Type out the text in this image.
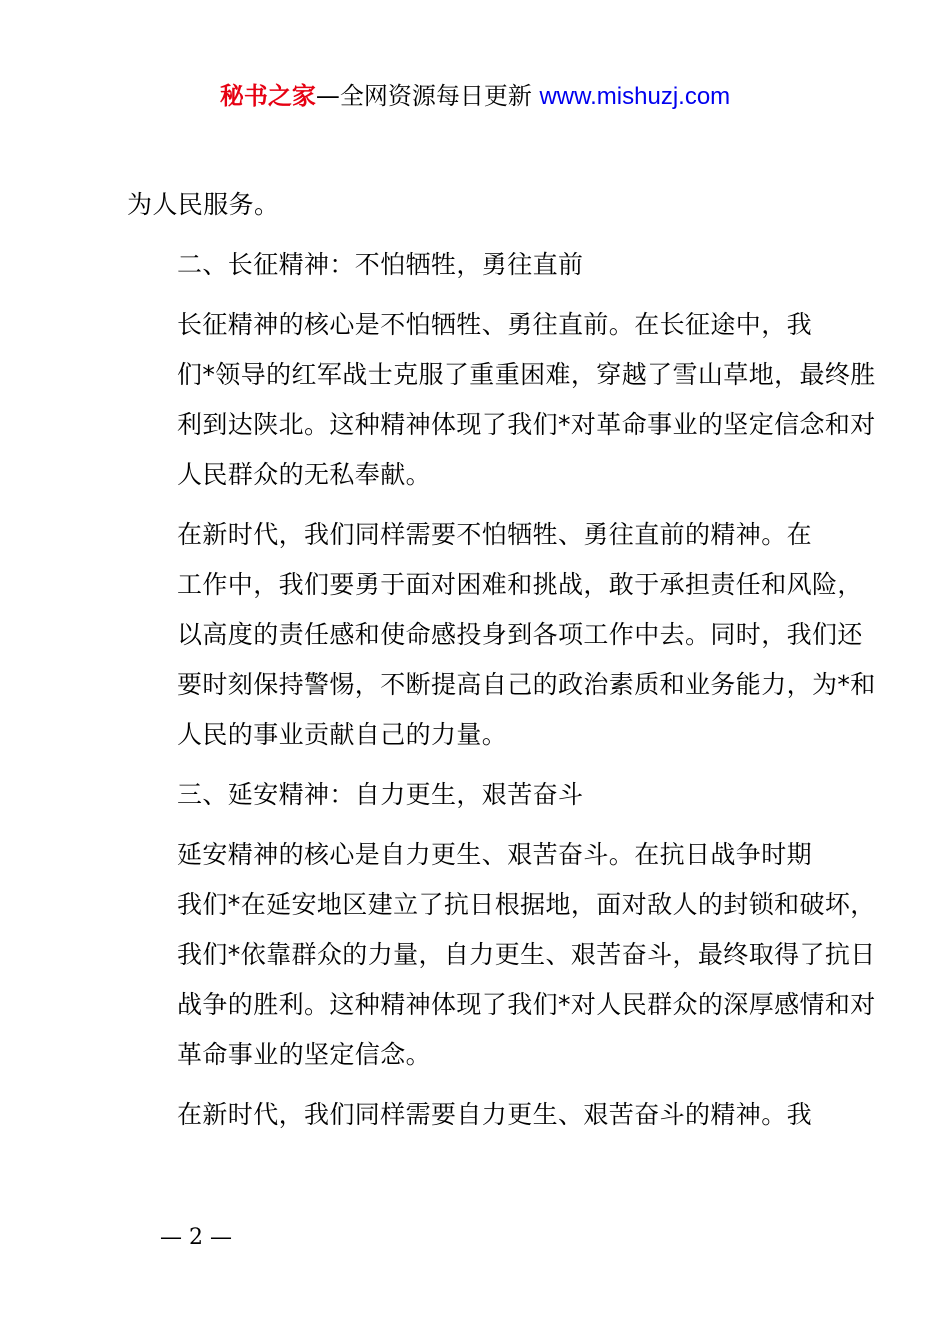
秘书之家—全网资源每日更新 www.mishuzj.com

为人民服务。

二、长征精神：不怕牺牲，勇往直前

长征精神的核心是不怕牺牲、勇往直前。在长征途中，我
们*领导的红军战士克服了重重困难，穿越了雪山草地，最终胜
利到达陕北。这种精神体现了我们*对革命事业的坚定信念和对
人民群众的无私奉献。

在新时代，我们同样需要不怕牺牲、勇往直前的精神。在
工作中，我们要勇于面对困难和挑战，敢于承担责任和风险，
以高度的责任感和使命感投身到各项工作中去。同时，我们还
要时刻保持警惕，不断提高自己的政治素质和业务能力，为*和
人民的事业贡献自己的力量。

三、延安精神：自力更生，艰苦奋斗

延安精神的核心是自力更生、艰苦奋斗。在抗日战争时期
我们*在延安地区建立了抗日根据地，面对敌人的封锁和破坏，
我们*依靠群众的力量，自力更生、艰苦奋斗，最终取得了抗日
战争的胜利。这种精神体现了我们*对人民群众的深厚感情和对
革命事业的坚定信念。

在新时代，我们同样需要自力更生、艰苦奋斗的精神。我

— 2 —
